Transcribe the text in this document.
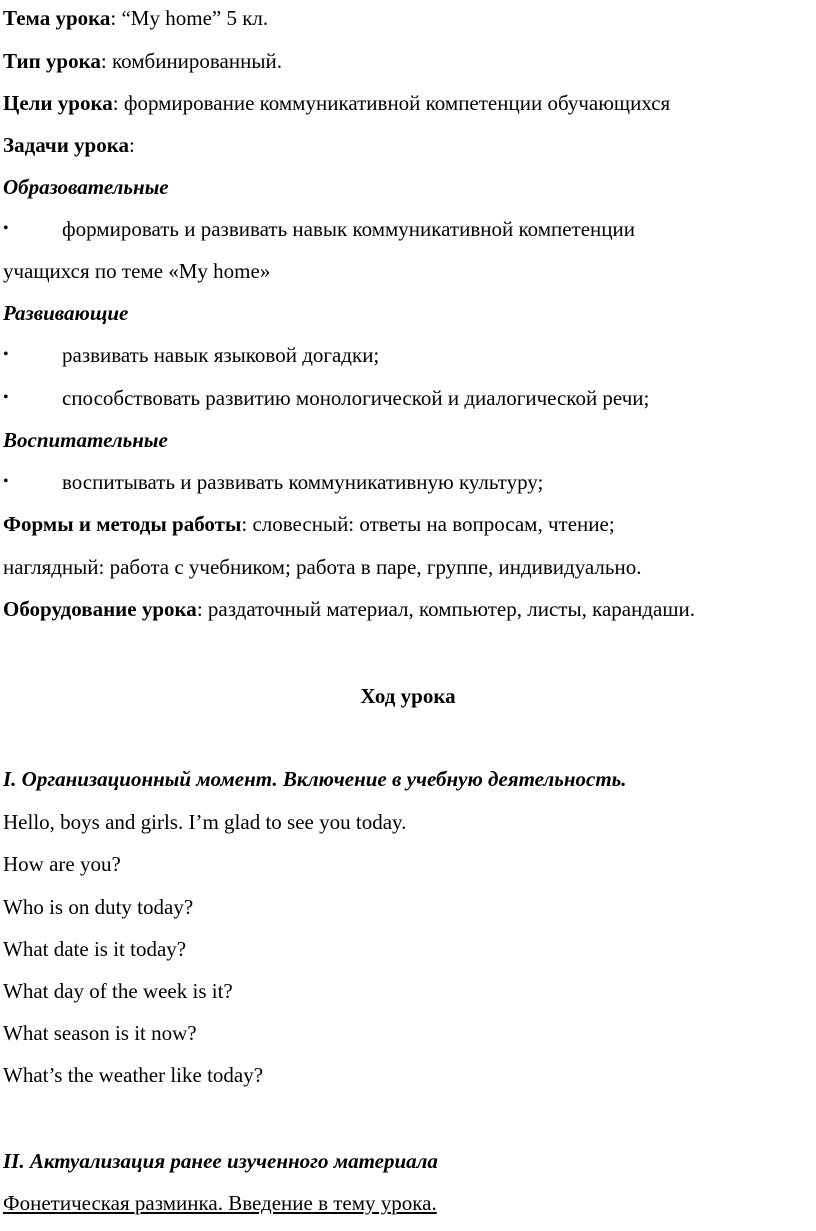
Тема урока: “My home” 5 кл.
Тип урока: комбинированный.
Цели урока: формирование коммуникативной компетенции обучающихся
Задачи урока:
Образовательные
•	формировать и развивать навык коммуникативной компетенции
учащихся по теме «My home»
Развивающие
•	развивать навык языковой догадки;
•	способствовать развитию монологической и диалогической речи;
Воспитательные
•	воспитывать и развивать коммуникативную культуру;
Формы и методы работы: словесный: ответы на вопросам, чтение;
наглядный: работа с учебником; работа в паре, группе, индивидуально.
Оборудование урока: раздаточный материал, компьютер, листы, карандаши.
Ход урока
I. Организационный момент. Включение в учебную деятельность.
Hello, boys and girls. I’m glad to see you today.
How are you?
Who is on duty today?
What date is it today?
What day of the week is it?
What season is it now?
What’s the weather like today?
II. Актуализация ранее изученного материала
Фонетическая разминка. Введение в тему урока.
